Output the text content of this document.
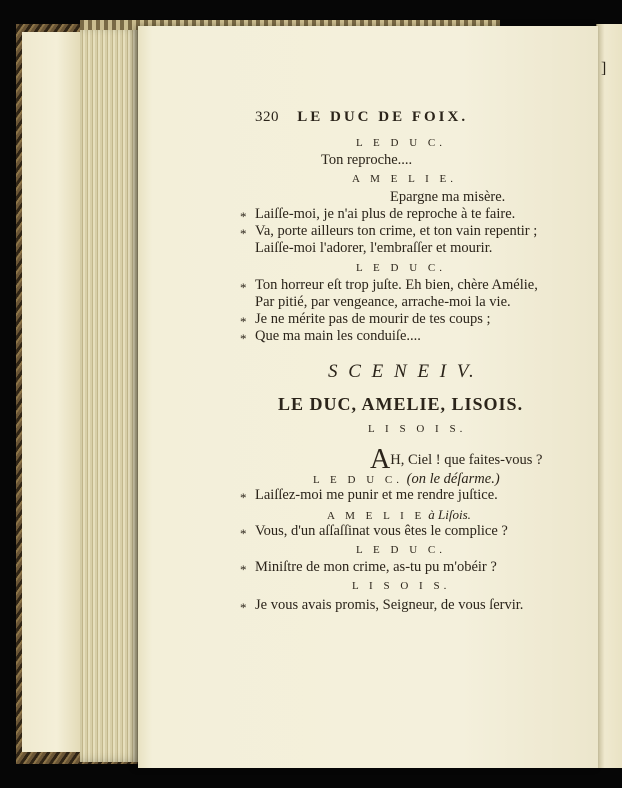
]
320 LE DUC DE FOIX.
L E D U C.
Ton reproche....
A M E L I E.
Epargne ma misère.
* Laiſſe-moi, je n'ai plus de reproche à te faire.
* Va, porte ailleurs ton crime, et ton vain repentir ;
Laiſſe-moi l'adorer, l'embraſſer et mourir.
L E D U C.
* Ton horreur eſt trop juſte. Eh bien, chère Amélie,
Par pitié, par vengeance, arrache-moi la vie.
* Je ne mérite pas de mourir de tes coups ;
* Que ma main les conduiſe....
S C E N E I V.
LE DUC, AMELIE, LISOIS.
L I S O I S.
AH, Ciel ! que faites-vous ?
L E D U C. (on le déſarme.)
* Laiſſez-moi me punir et me rendre juſtice.
A M E L I E à Liſois.
* Vous, d'un aſſaſſinat vous êtes le complice ?
L E D U C.
* Miniſtre de mon crime, as-tu pu m'obéir ?
L I S O I S.
* Je vous avais promis, Seigneur, de vous ſervir.
